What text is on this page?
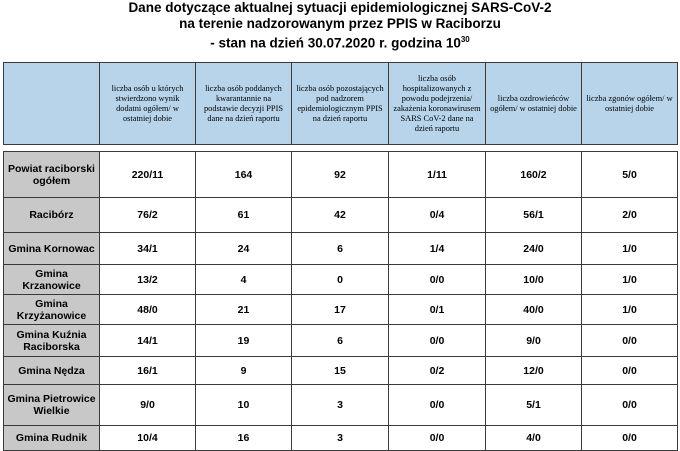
Dane dotyczące aktualnej sytuacji epidemiologicznej SARS-CoV-2
na terenie nadzorowanym przez PPIS w Raciborzu
- stan na dzień 30.07.2020 r. godzina $10^{30}$
	liczba osób u których stwierdzono wynik dodatni ogółem/ w ostatniej dobie	liczba osób poddanych kwarantannie na podstawie decyzji PPIS dane na dzień raportu	liczba osób pozostających pod nadzorem epidemiologicznym PPIS na dzień raportu	liczba osób hospitalizowanych z powodu podejrzenia/ zakażenia koronawirusem SARS CoV-2 dane na dzień raportu	liczba ozdrowieńców ogółem/ w ostatniej dobie	liczba zgonów ogółem/ w ostatniej dobie

Powiat raciborski ogółem	220/11	164	92	1/11	160/2	5/0
Racibórz	76/2	61	42	0/4	56/1	2/0
Gmina Kornowac	34/1	24	6	1/4	24/0	1/0
Gmina Krzanowice	13/2	4	0	0/0	10/0	1/0
Gmina Krzyżanowice	48/0	21	17	0/1	40/0	1/0
Gmina Kuźnia Raciborska	14/1	19	6	0/0	9/0	0/0
Gmina Nędza	16/1	9	15	0/2	12/0	0/0
Gmina Pietrowice Wielkie	9/0	10	3	0/0	5/1	0/0
Gmina Rudnik	10/4	16	3	0/0	4/0	0/0
